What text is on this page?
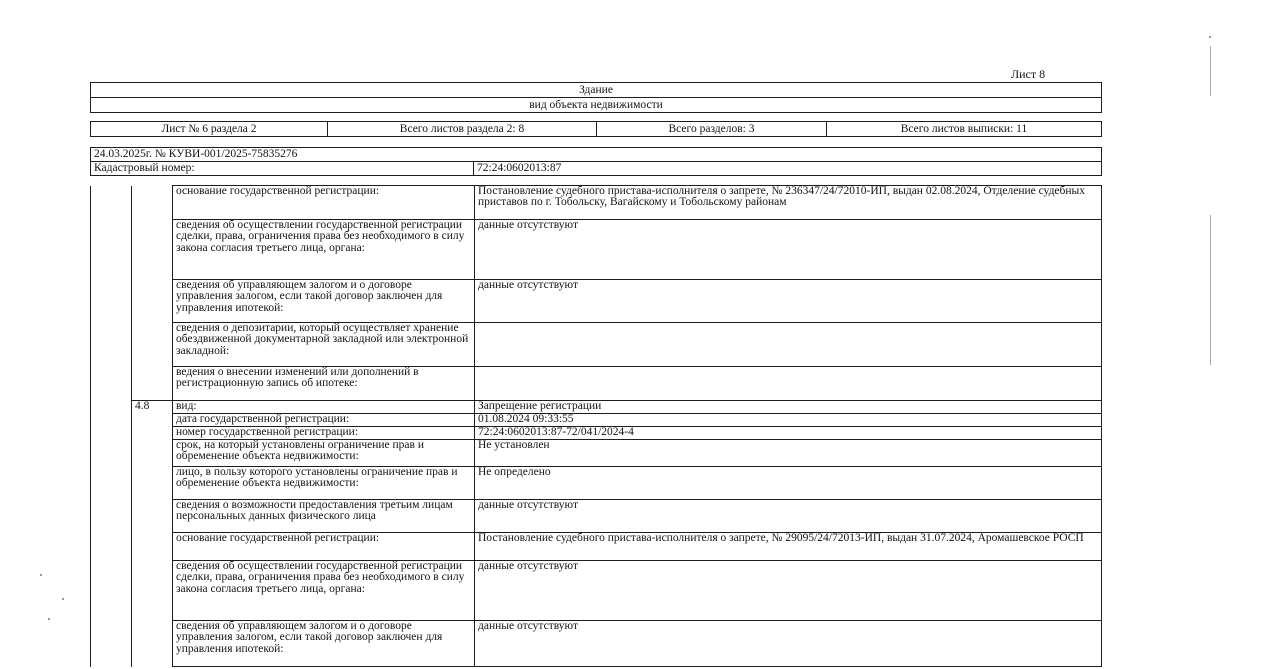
Лист 8
Здание
вид объекта недвижимости
Лист № 6 раздела 2	Всего листов раздела 2: 8	Всего разделов: 3	Всего листов выписки: 11
24.03.2025г. № КУВИ-001/2025-75835276
Кадастровый номер:	72:24:0602013:87
		основание государственной регистрации:	Постановление судебного пристава-исполнителя о запрете, № 236347/24/72010-ИП, выдан 02.08.2024, Отделение судебных приставов по г. Тобольску, Вагайскому и Тобольскому районам
		сведения об осуществлении государственной регистрации сделки, права, ограничения права без необходимого в силу закона согласия третьего лица, органа:	данные отсутствуют
		сведения об управляющем залогом и о договоре управления залогом, если такой договор заключен для управления ипотекой:	данные отсутствуют
		сведения о депозитарии, который осуществляет хранение обездвиженной документарной закладной или электронной закладной:	
		ведения о внесении изменений или дополнений в регистрационную запись об ипотеке:	
	4.8	вид:	Запрещение регистрации
		дата государственной регистрации:	01.08.2024 09:33:55
		номер государственной регистрации:	72:24:0602013:87-72/041/2024-4
		срок, на который установлены ограничение прав и обременение объекта недвижимости:	Не установлен
		лицо, в пользу которого установлены ограничение прав и обременение объекта недвижимости:	Не определено
		сведения о возможности предоставления третьим лицам персональных данных физического лица	данные отсутствуют
		основание государственной регистрации:	Постановление судебного пристава-исполнителя о запрете, № 29095/24/72013-ИП, выдан 31.07.2024, Аромашевское РОСП
		сведения об осуществлении государственной регистрации сделки, права, ограничения права без необходимого в силу закона согласия третьего лица, органа:	данные отсутствуют
		сведения об управляющем залогом и о договоре управления залогом, если такой договор заключен для управления ипотекой:	данные отсутствуют
